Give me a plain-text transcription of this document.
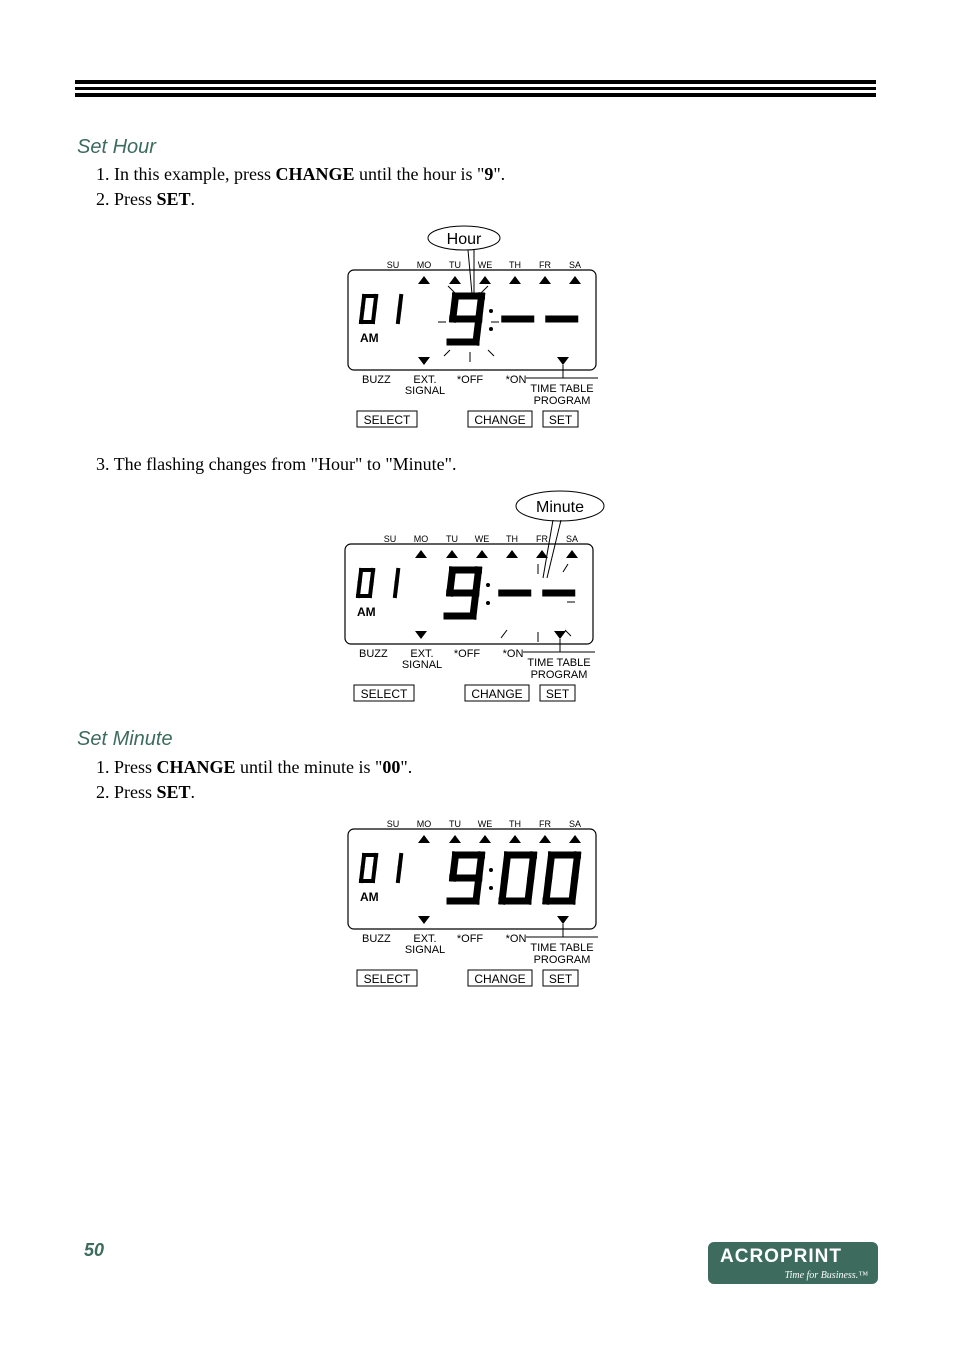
Set Hour
1. In this example, press CHANGE until the hour is "9".
2. Press SET.
SU MO TU WE TH FR SA
AM
BUZZ EXT.
SIGNAL
*OFF *ON
TIME TABLE
PROGRAM
SELECT	CHANGE SET
Hour
3. The flashing changes from "Hour" to "Minute".
SU MO TU WE TH FR SA
AM
BUZZ EXT.
SIGNAL
*OFF *ON
TIME TABLE
PROGRAM
SELECT	CHANGE SET
Minute
Set Minute
1. Press CHANGE until the minute is "00".
2. Press SET.
SU MO TU WE TH FR SA
AM
BUZZ EXT.
SIGNAL
*OFF *ON
TIME TABLE
PROGRAM
SELECT	CHANGE SET
50	ACROPRINT
Time for Business.™
